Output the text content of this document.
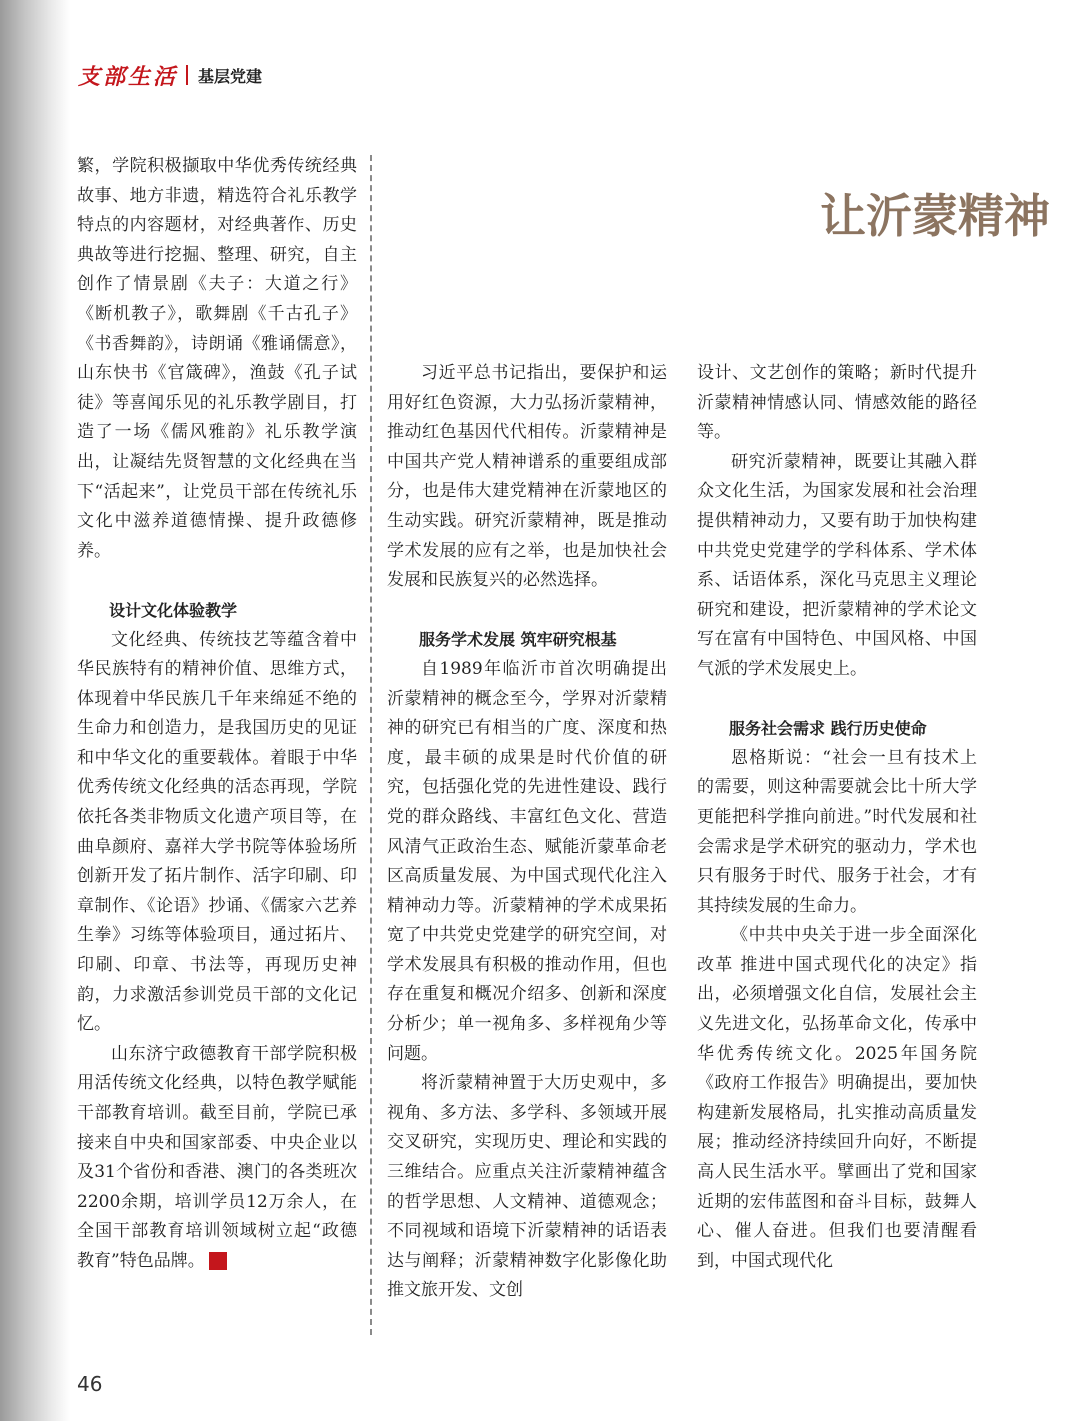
支部生活 基层党建
让沂蒙精神

繁，学院积极撷取中华优秀传统经典故事、地方非遗，精选符合礼乐教学特点的内容题材，对经典著作、历史典故等进行挖掘、整理、研究，自主创作了情景剧《夫子：大道之行》《断机教子》，歌舞剧《千古孔子》《书香舞韵》，诗朗诵《雅诵儒意》，山东快书《官箴碑》，渔鼓《孔子试徒》等喜闻乐见的礼乐教学剧目，打造了一场《儒风雅韵》礼乐教学演出，让凝结先贤智慧的文化经典在当下“活起来”，让党员干部在传统礼乐文化中滋养道德情操、提升政德修养。

设计文化体验教学

文化经典、传统技艺等蕴含着中华民族特有的精神价值、思维方式，体现着中华民族几千年来绵延不绝的生命力和创造力，是我国历史的见证和中华文化的重要载体。着眼于中华优秀传统文化经典的活态再现，学院依托各类非物质文化遗产项目等，在曲阜颜府、嘉祥大学书院等体验场所创新开发了拓片制作、活字印刷、印章制作、《论语》抄诵、《儒家六艺养生拳》习练等体验项目，通过拓片、印刷、印章、书法等，再现历史神韵，力求激活参训党员干部的文化记忆。

山东济宁政德教育干部学院积极用活传统文化经典，以特色教学赋能干部教育培训。截至目前，学院已承接来自中央和国家部委、中央企业以及31个省份和香港、澳门的各类班次2200余期，培训学员12万余人，在全国干部教育培训领域树立起“政德教育”特色品牌。	支

习近平总书记指出，要保护和运用好红色资源，大力弘扬沂蒙精神，推动红色基因代代相传。沂蒙精神是中国共产党人精神谱系的重要组成部分，也是伟大建党精神在沂蒙地区的生动实践。研究沂蒙精神，既是推动学术发展的应有之举，也是加快社会发展和民族复兴的必然选择。

服务学术发展 筑牢研究根基

自1989年临沂市首次明确提出沂蒙精神的概念至今，学界对沂蒙精神的研究已有相当的广度、深度和热度，最丰硕的成果是时代价值的研究，包括强化党的先进性建设、践行党的群众路线、丰富红色文化、营造风清气正政治生态、赋能沂蒙革命老区高质量发展、为中国式现代化注入精神动力等。沂蒙精神的学术成果拓宽了中共党史党建学的研究空间，对学术发展具有积极的推动作用，但也存在重复和概况介绍多、创新和深度分析少；单一视角多、多样视角少等问题。

将沂蒙精神置于大历史观中，多视角、多方法、多学科、多领域开展交叉研究，实现历史、理论和实践的三维结合。应重点关注沂蒙精神蕴含的哲学思想、人文精神、道德观念；不同视域和语境下沂蒙精神的话语表达与阐释；沂蒙精神数字化影像化助推文旅开发、文创

设计、文艺创作的策略；新时代提升沂蒙精神情感认同、情感效能的路径等。

研究沂蒙精神，既要让其融入群众文化生活，为国家发展和社会治理提供精神动力，又要有助于加快构建中共党史党建学的学科体系、学术体系、话语体系，深化马克思主义理论研究和建设，把沂蒙精神的学术论文写在富有中国特色、中国风格、中国气派的学术发展史上。

服务社会需求 践行历史使命

恩格斯说：“社会一旦有技术上的需要，则这种需要就会比十所大学更能把科学推向前进。”时代发展和社会需求是学术研究的驱动力，学术也只有服务于时代、服务于社会，才有其持续发展的生命力。

《中共中央关于进一步全面深化改革 推进中国式现代化的决定》指出，必须增强文化自信，发展社会主义先进文化，弘扬革命文化，传承中华优秀传统文化。2025年国务院《政府工作报告》明确提出，要加快构建新发展格局，扎实推动高质量发展；推动经济持续回升向好，不断提高人民生活水平。擘画出了党和国家近期的宏伟蓝图和奋斗目标，鼓舞人心、催人奋进。但我们也要清醒看到，中国式现代化

46
